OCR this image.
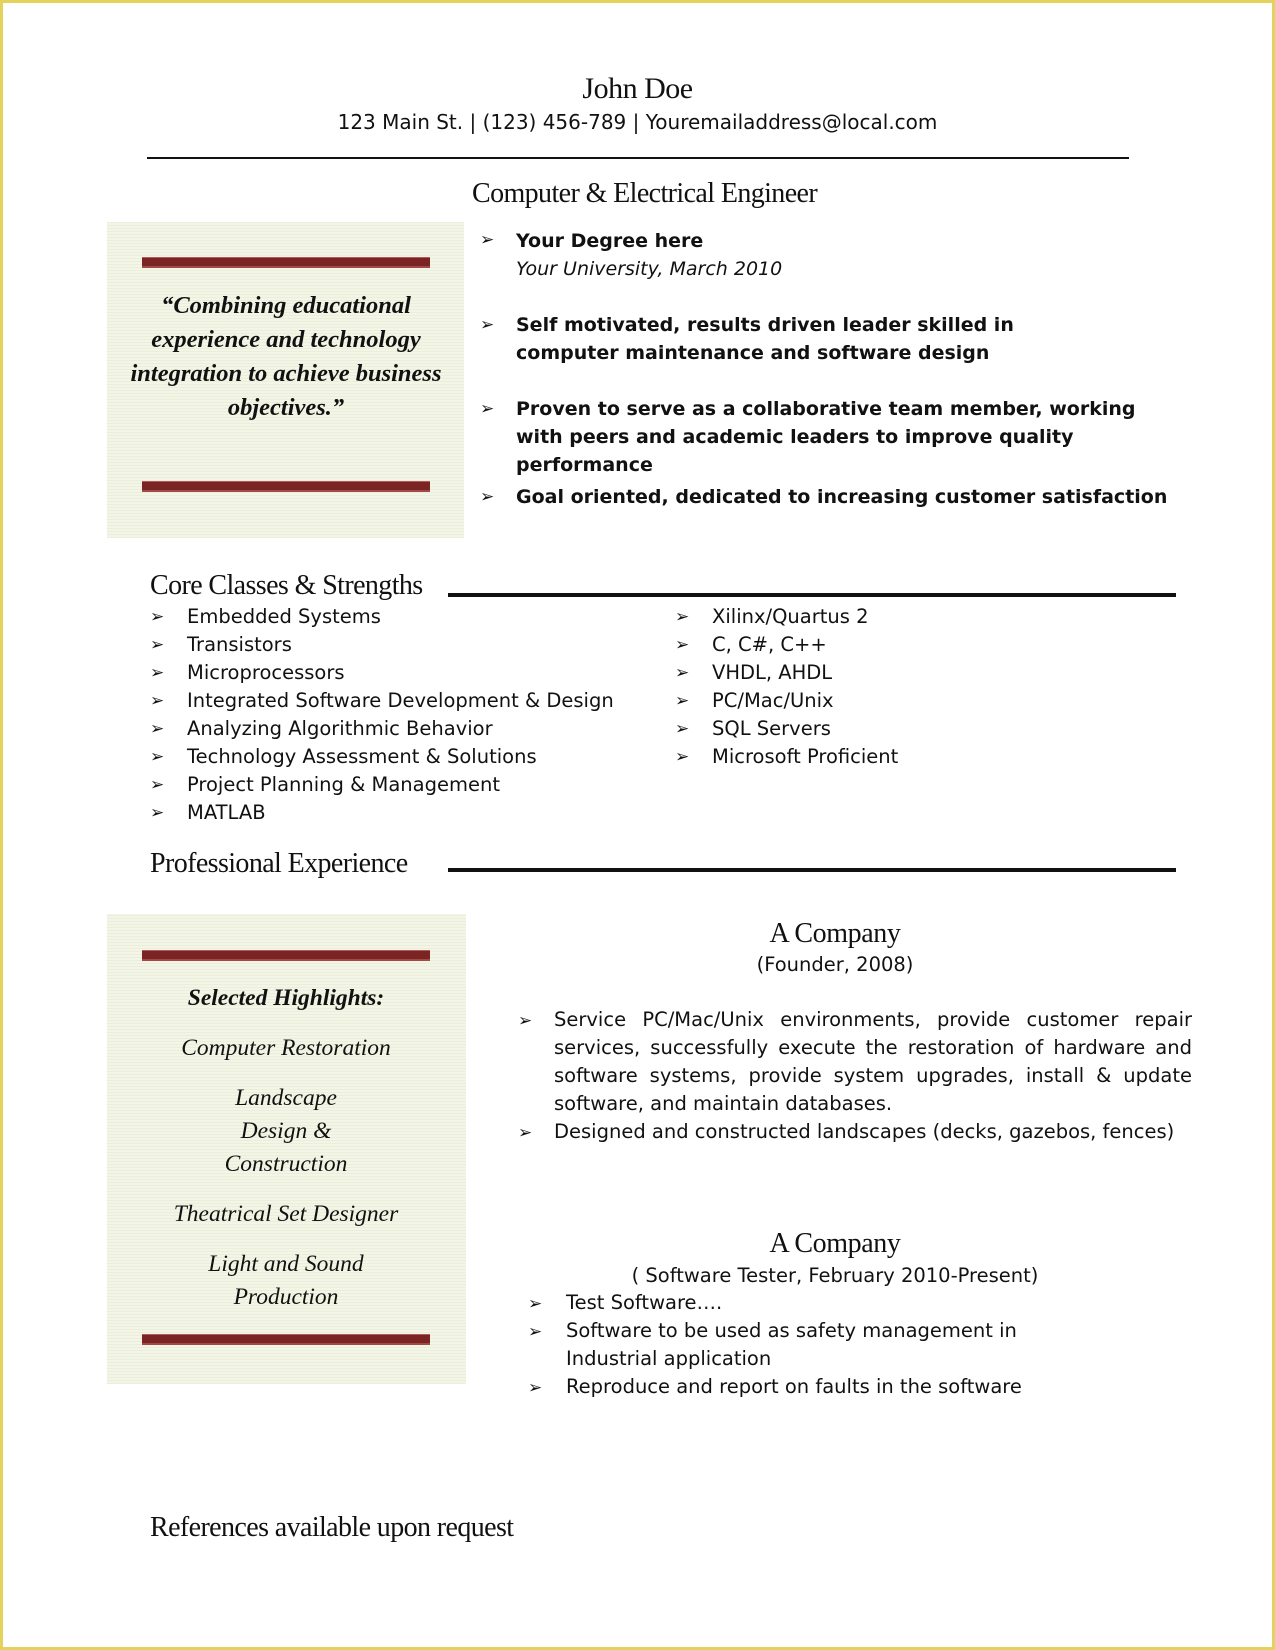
John Doe
123 Main St. | (123) 456-789 | Youremailaddress@local.com
“Combining educational experience and technology integration to achieve business objectives.”
Computer & Electrical Engineer
➢ Your Degree here
Your University, March 2010
➢ Self motivated, results driven leader skilled in computer maintenance and software design
➢ Proven to serve as a collaborative team member, working with peers and academic leaders to improve quality performance
➢ Goal oriented, dedicated to increasing customer satisfaction
Core Classes & Strengths
➢ Embedded Systems
➢ Transistors
➢ Microprocessors
➢ Integrated Software Development & Design
➢ Analyzing Algorithmic Behavior
➢ Technology Assessment & Solutions
➢ Project Planning & Management
➢ MATLAB
➢ Xilinx/Quartus 2
➢ C, C#, C++
➢ VHDL, AHDL
➢ PC/Mac/Unix
➢ SQL Servers
➢ Microsoft Proficient
Professional Experience
Selected Highlights:
Computer Restoration
Landscape Design & Construction
Theatrical Set Designer
Light and Sound Production
A Company
(Founder, 2008)
➢ Service PC/Mac/Unix environments, provide customer repair services, successfully execute the restoration of hardware and software systems, provide system upgrades, install & update software, and maintain databases.
➢ Designed and constructed landscapes (decks, gazebos, fences)
A Company
( Software Tester, February 2010-Present)
➢ Test Software….
➢ Software to be used as safety management in Industrial application
➢ Reproduce and report on faults in the software
References available upon request
